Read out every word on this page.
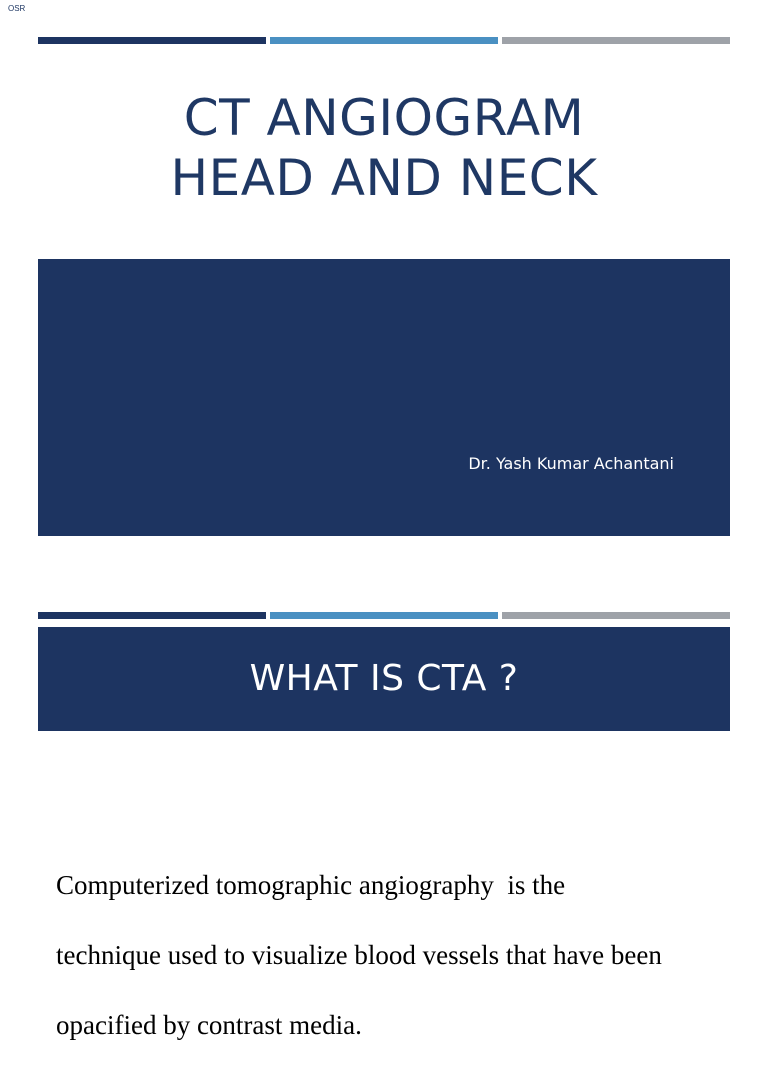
OSR
CT ANGIOGRAM
HEAD AND NECK
Dr. Yash Kumar Achantani
WHAT IS CTA ?

Computerized tomographic angiography  is the

technique used to visualize blood vessels that have been

opacified by contrast media.
